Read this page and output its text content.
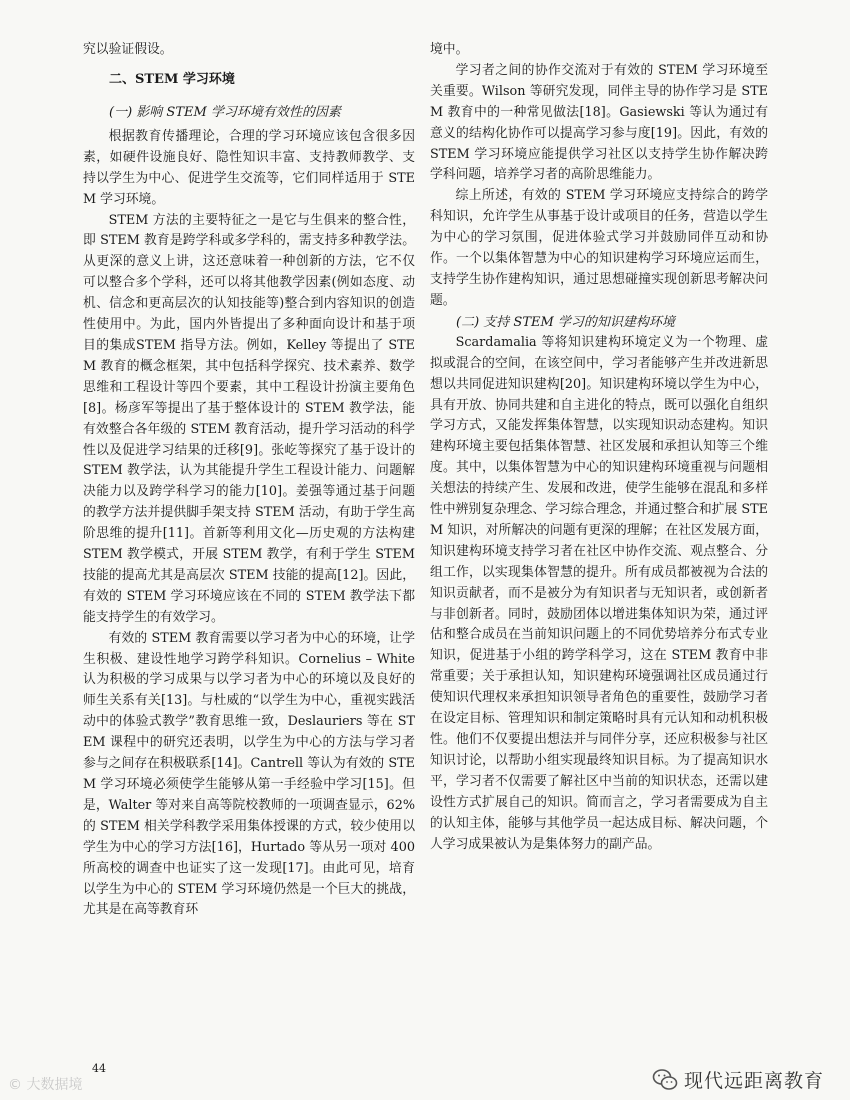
究以验证假设。

二、STEM 学习环境
(一) 影响 STEM 学习环境有效性的因素

根据教育传播理论，合理的学习环境应该包含很多因素，如硬件设施良好、隐性知识丰富、支持教师教学、支持以学生为中心、促进学生交流等，它们同样适用于 STEM 学习环境。

STEM 方法的主要特征之一是它与生俱来的整合性，即 STEM 教育是跨学科或多学科的，需支持多种教学法。从更深的意义上讲，这还意味着一种创新的方法，它不仅可以整合多个学科，还可以将其他教学因素(例如态度、动机、信念和更高层次的认知技能等)整合到内容知识的创造性使用中。为此，国内外皆提出了多种面向设计和基于项目的集成STEM 指导方法。例如，Kelley 等提出了 STEM 教育的概念框架，其中包括科学探究、技术素养、数学思维和工程设计等四个要素，其中工程设计扮演主要角色[8]。杨彦军等提出了基于整体设计的 STEM 教学法，能有效整合各年级的 STEM 教育活动，提升学习活动的科学性以及促进学习结果的迁移[9]。张屹等探究了基于设计的 STEM 教学法，认为其能提升学生工程设计能力、问题解决能力以及跨学科学习的能力[10]。姜强等通过基于问题的教学方法并提供脚手架支持 STEM 活动，有助于学生高阶思维的提升[11]。首新等利用文化—历史观的方法构建 STEM 教学模式，开展 STEM 教学，有利于学生 STEM 技能的提高尤其是高层次 STEM 技能的提高[12]。因此，有效的 STEM 学习环境应该在不同的 STEM 教学法下都能支持学生的有效学习。

有效的 STEM 教育需要以学习者为中心的环境，让学生积极、建设性地学习跨学科知识。Cornelius – White 认为积极的学习成果与以学习者为中心的环境以及良好的师生关系有关[13]。与杜威的“以学生为中心，重视实践活动中的体验式教学”教育思维一致，Deslauriers 等在 STEM 课程中的研究还表明，以学生为中心的方法与学习者参与之间存在积极联系[14]。Cantrell 等认为有效的 STEM 学习环境必须使学生能够从第一手经验中学习[15]。但是，Walter 等对来自高等院校教师的一项调查显示，62% 的 STEM 相关学科教学采用集体授课的方式，较少使用以学生为中心的学习方法[16]，Hurtado 等从另一项对 400 所高校的调查中也证实了这一发现[17]。由此可见，培育以学生为中心的 STEM 学习环境仍然是一个巨大的挑战，尤其是在高等教育环

境中。

学习者之间的协作交流对于有效的 STEM 学习环境至关重要。Wilson 等研究发现，同伴主导的协作学习是 STEM 教育中的一种常见做法[18]。Gasiewski 等认为通过有意义的结构化协作可以提高学习参与度[19]。因此，有效的 STEM 学习环境应能提供学习社区以支持学生协作解决跨学科问题，培养学习者的高阶思维能力。

综上所述，有效的 STEM 学习环境应支持综合的跨学科知识，允许学生从事基于设计或项目的任务，营造以学生为中心的学习氛围，促进体验式学习并鼓励同伴互动和协作。一个以集体智慧为中心的知识建构学习环境应运而生，支持学生协作建构知识，通过思想碰撞实现创新思考解决问题。

(二) 支持 STEM 学习的知识建构环境

Scardamalia 等将知识建构环境定义为一个物理、虚拟或混合的空间，在该空间中，学习者能够产生并改进新思想以共同促进知识建构[20]。知识建构环境以学生为中心，具有开放、协同共建和自主进化的特点，既可以强化自组织学习方式，又能发挥集体智慧，以实现知识动态建构。知识建构环境主要包括集体智慧、社区发展和承担认知等三个维度。其中，以集体智慧为中心的知识建构环境重视与问题相关想法的持续产生、发展和改进，使学生能够在混乱和多样性中辨别复杂理念、学习综合理念，并通过整合和扩展 STEM 知识，对所解决的问题有更深的理解；在社区发展方面，知识建构环境支持学习者在社区中协作交流、观点整合、分组工作，以实现集体智慧的提升。所有成员都被视为合法的知识贡献者，而不是被分为有知识者与无知识者，或创新者与非创新者。同时，鼓励团体以增进集体知识为荣，通过评估和整合成员在当前知识问题上的不同优势培养分布式专业知识，促进基于小组的跨学科学习，这在 STEM 教育中非常重要；关于承担认知，知识建构环境强调社区成员通过行使知识代理权来承担知识领导者角色的重要性，鼓励学习者在设定目标、管理知识和制定策略时具有元认知和动机积极性。他们不仅要提出想法并与同伴分享，还应积极参与社区知识讨论，以帮助小组实现最终知识目标。为了提高知识水平，学习者不仅需要了解社区中当前的知识状态，还需以建设性方式扩展自己的知识。简而言之，学习者需要成为自主的认知主体，能够与其他学员一起达成目标、解决问题，个人学习成果被认为是集体努力的副产品。

44
© 大数据境	现代远距离教育
